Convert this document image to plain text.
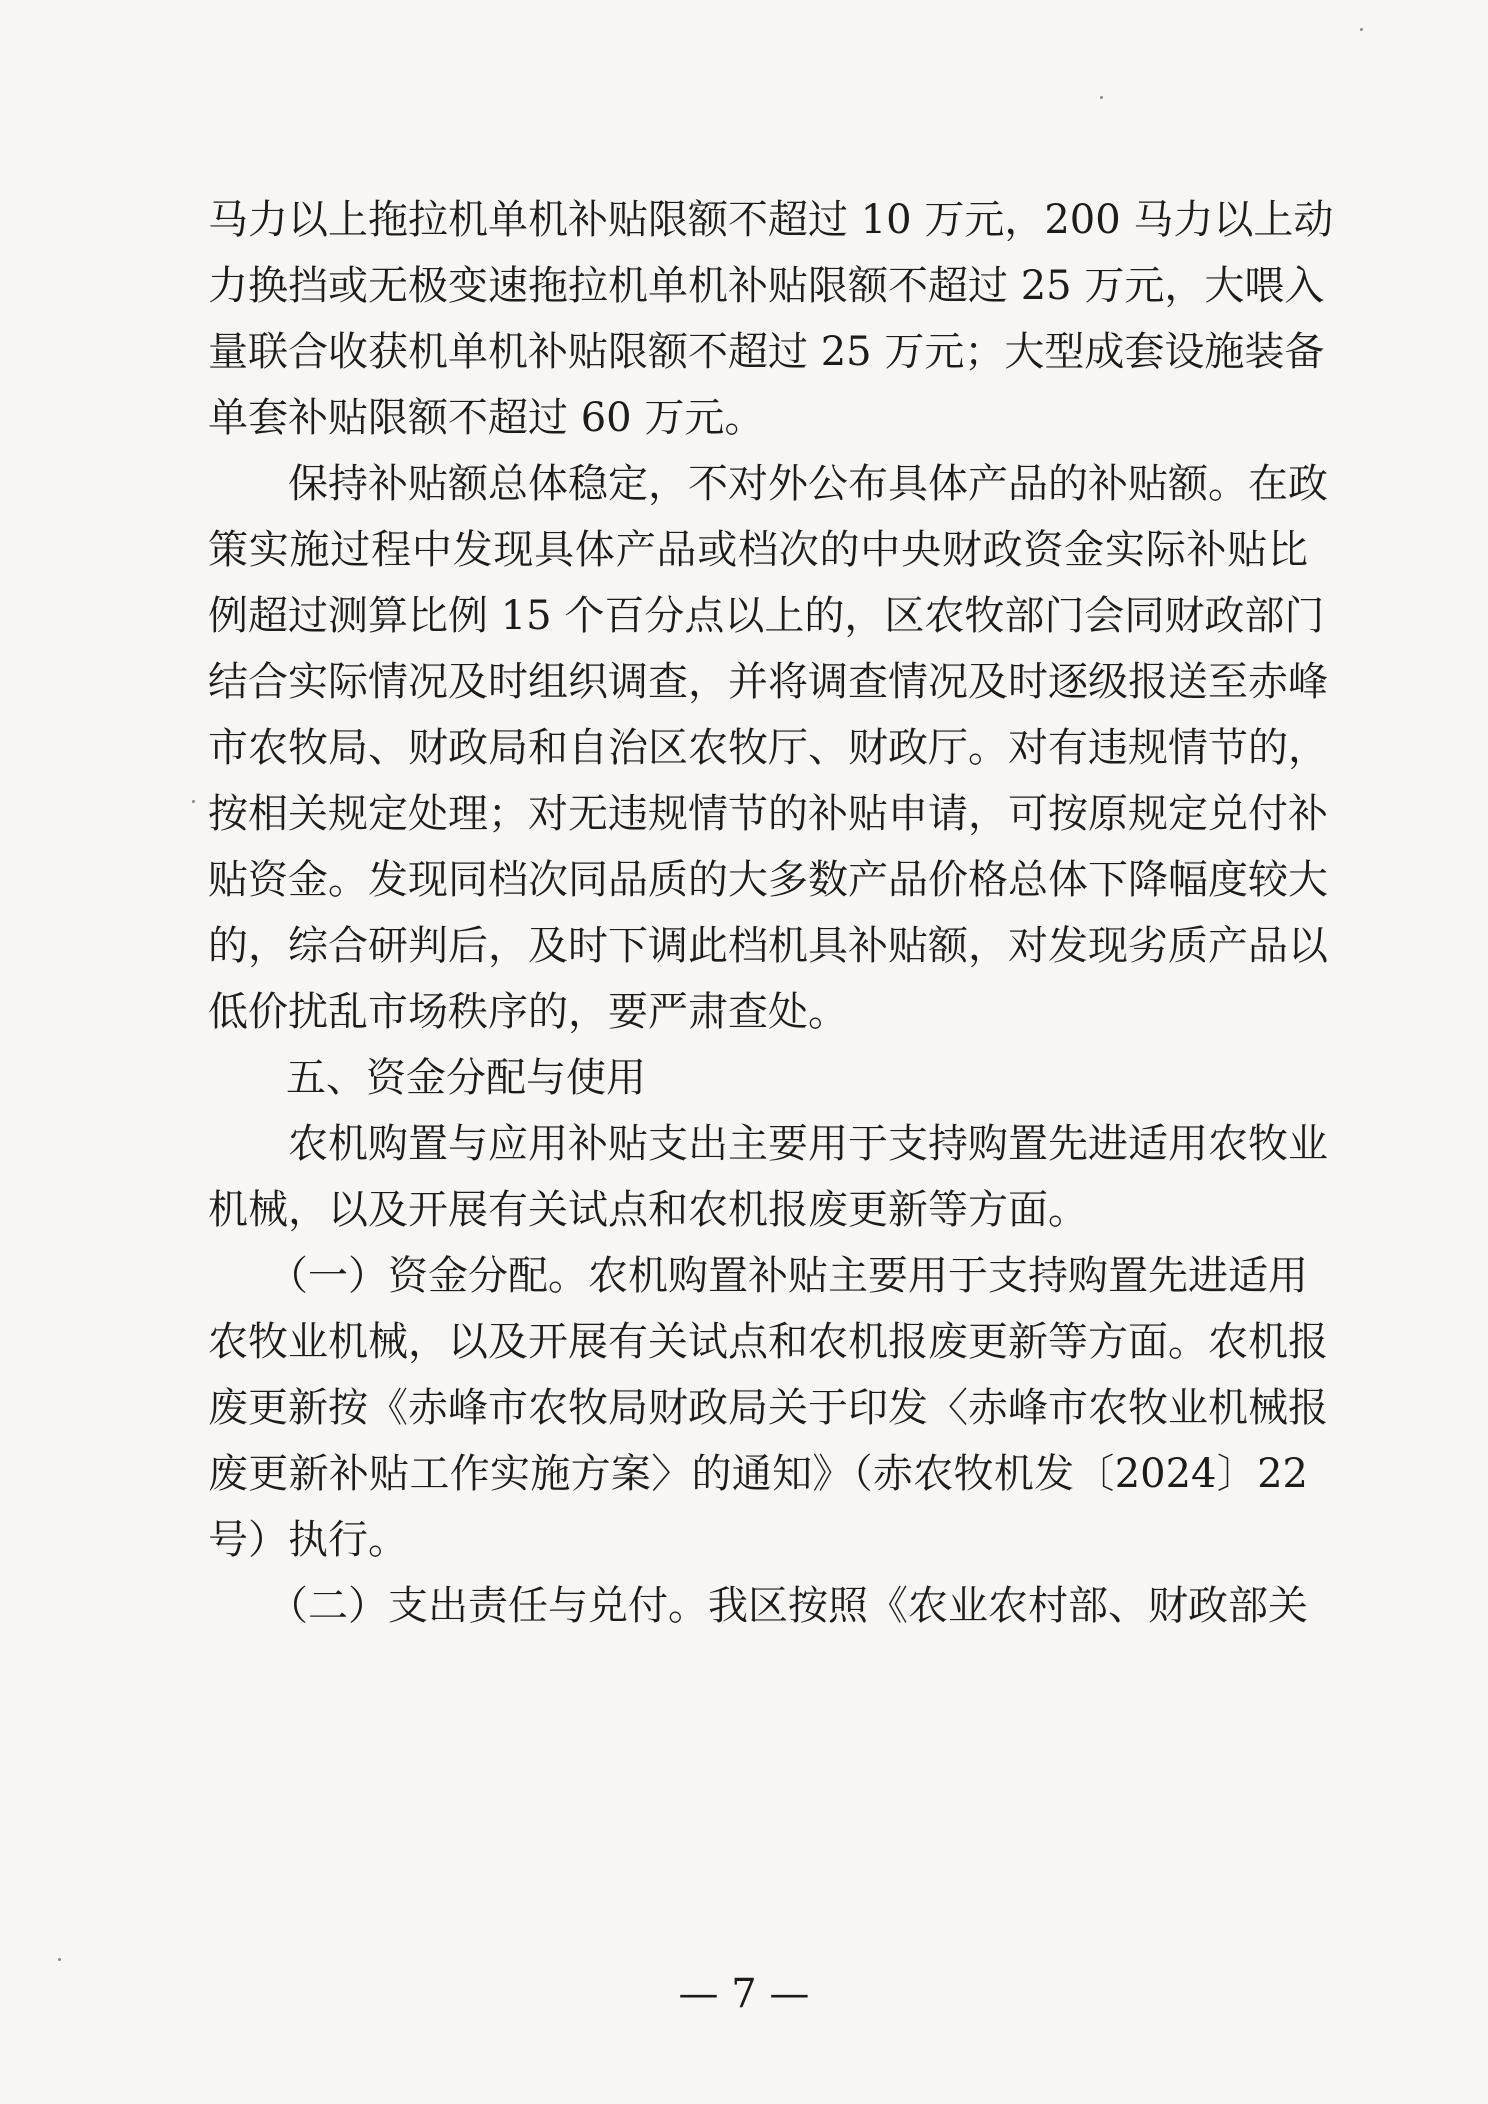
马力以上拖拉机单机补贴限额不超过 10 万元，200 马力以上动
力换挡或无极变速拖拉机单机补贴限额不超过 25 万元，大喂入
量联合收获机单机补贴限额不超过 25 万元；大型成套设施装备
单套补贴限额不超过 60 万元。
　　保持补贴额总体稳定，不对外公布具体产品的补贴额。在政
策实施过程中发现具体产品或档次的中央财政资金实际补贴比
例超过测算比例 15 个百分点以上的，区农牧部门会同财政部门
结合实际情况及时组织调查，并将调查情况及时逐级报送至赤峰
市农牧局、财政局和自治区农牧厅、财政厅。对有违规情节的，
按相关规定处理；对无违规情节的补贴申请，可按原规定兑付补
贴资金。发现同档次同品质的大多数产品价格总体下降幅度较大
的，综合研判后，及时下调此档机具补贴额，对发现劣质产品以
低价扰乱市场秩序的，要严肃查处。
五、资金分配与使用
　　农机购置与应用补贴支出主要用于支持购置先进适用农牧业
机械，以及开展有关试点和农机报废更新等方面。
　　（一）资金分配。农机购置补贴主要用于支持购置先进适用
农牧业机械，以及开展有关试点和农机报废更新等方面。农机报
废更新按《赤峰市农牧局财政局关于印发〈赤峰市农牧业机械报
废更新补贴工作实施方案〉的通知》（赤农牧机发〔2024〕22
号）执行。
　　（二）支出责任与兑付。我区按照《农业农村部、财政部关
— 7 —
